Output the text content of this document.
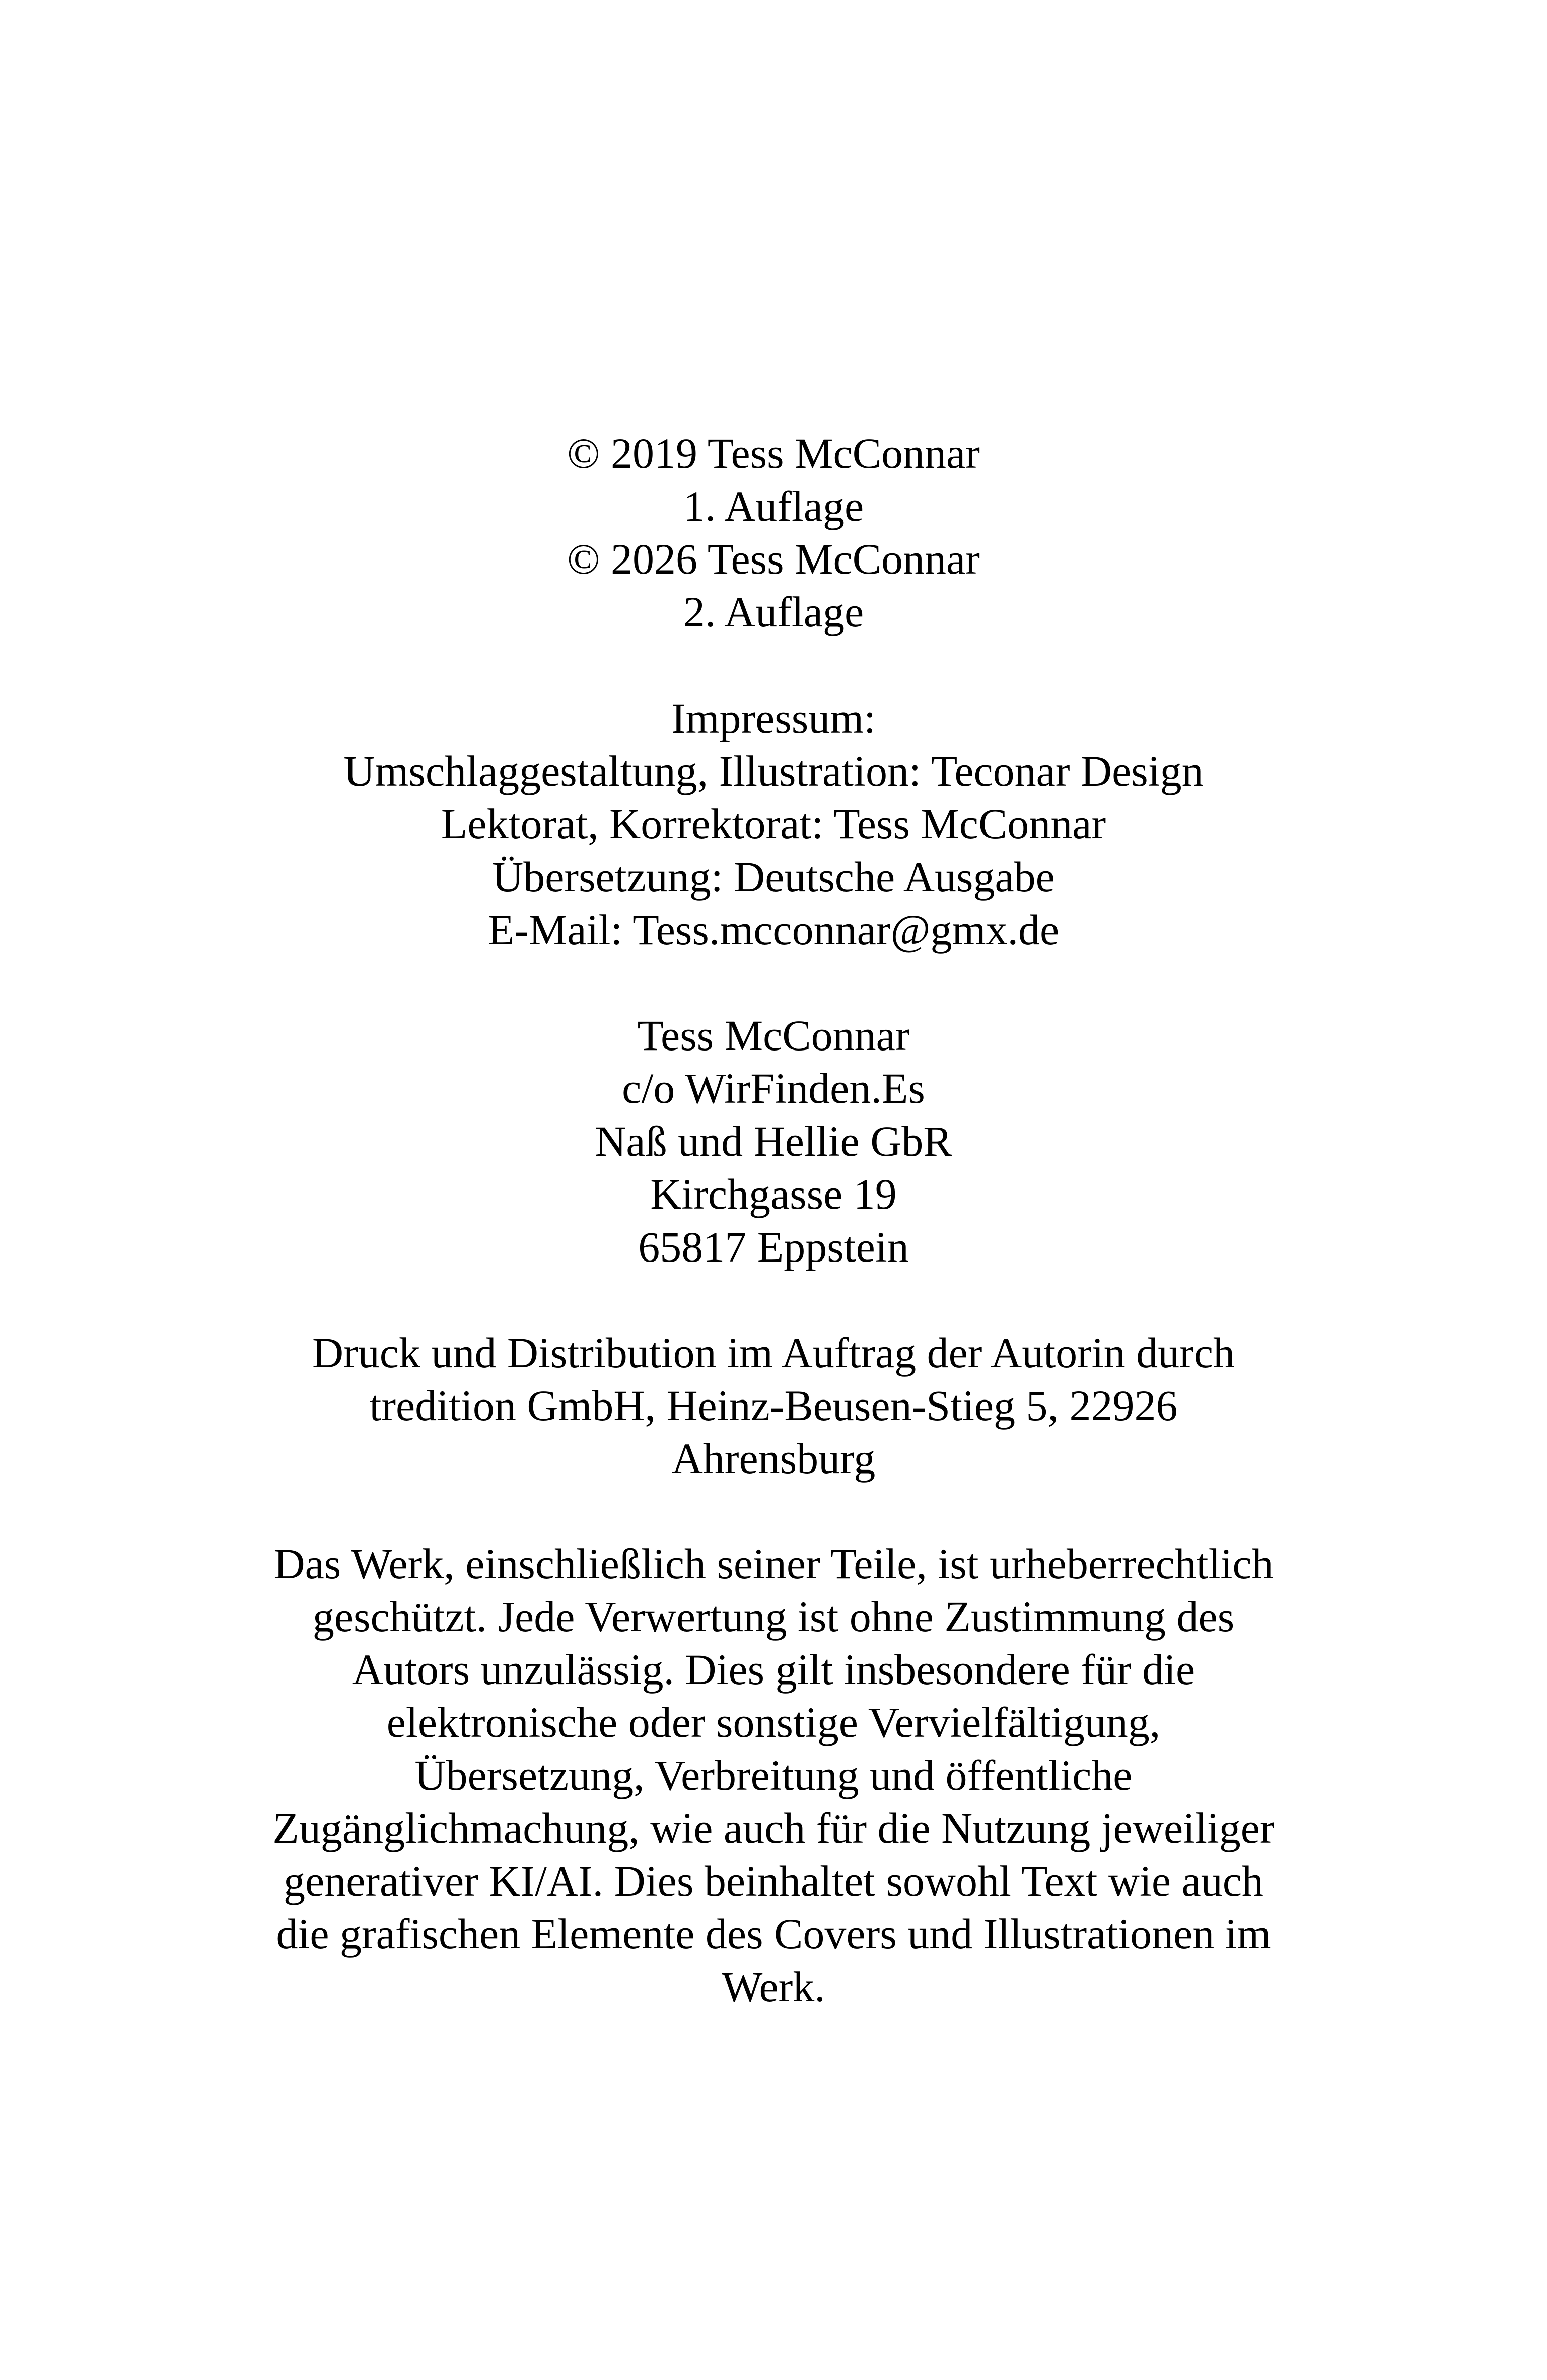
© 2019 Tess McConnar
1. Auflage
© 2026 Tess McConnar
2. Auflage
Impressum:
Umschlaggestaltung, Illustration: Teconar Design
Lektorat, Korrektorat: Tess McConnar
Übersetzung: Deutsche Ausgabe
E-Mail: Tess.mcconnar@gmx.de
Tess McConnar
c/o WirFinden.Es
Naß und Hellie GbR
Kirchgasse 19
65817 Eppstein
Druck und Distribution im Auftrag der Autorin durch
tredition GmbH, Heinz-Beusen-Stieg 5, 22926
Ahrensburg
Das Werk, einschließlich seiner Teile, ist urheberrechtlich
geschützt. Jede Verwertung ist ohne Zustimmung des
Autors unzulässig. Dies gilt insbesondere für die
elektronische oder sonstige Vervielfältigung,
Übersetzung, Verbreitung und öffentliche
Zugänglichmachung, wie auch für die Nutzung jeweiliger
generativer KI/AI. Dies beinhaltet sowohl Text wie auch
die grafischen Elemente des Covers und Illustrationen im
Werk.
